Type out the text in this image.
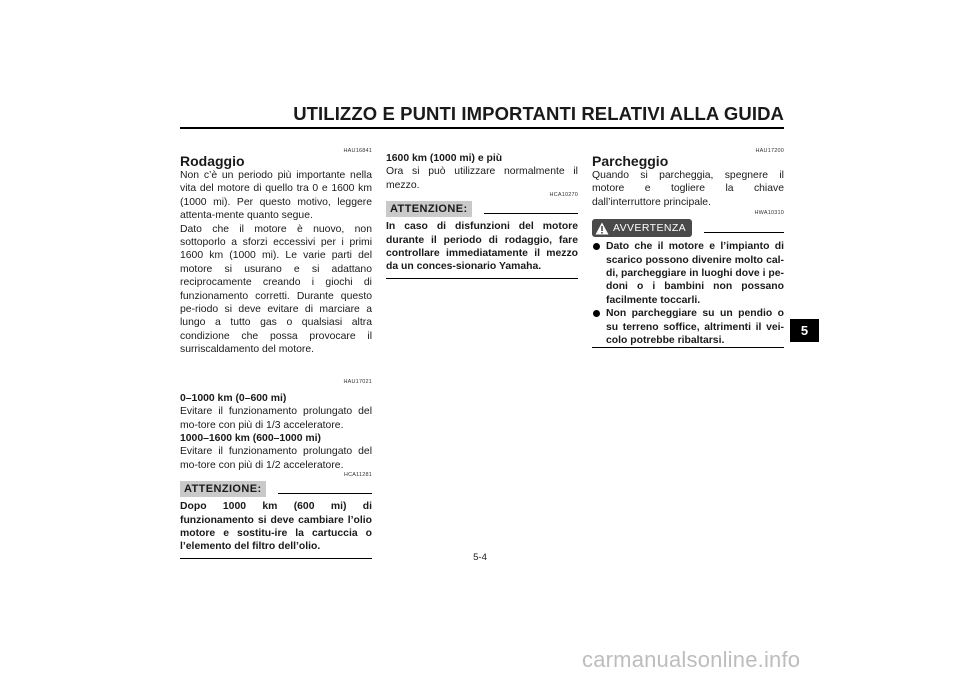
UTILIZZO E PUNTI IMPORTANTI RELATIVI ALLA GUIDA
HAU16841
Rodaggio
Non c’è un periodo più importante nella vita del motore di quello tra 0 e 1600 km (1000 mi). Per questo motivo, leggere attenta-mente quanto segue.
Dato che il motore è nuovo, non sottoporlo a sforzi eccessivi per i primi 1600 km (1000 mi). Le varie parti del motore si usurano e si adattano reciprocamente creando i giochi di funzionamento corretti. Durante questo pe-riodo si deve evitare di marciare a lungo a tutto gas o qualsiasi altra condizione che possa provocare il surriscaldamento del motore.
HAU17021
0–1000 km (0–600 mi)
Evitare il funzionamento prolungato del mo-tore con più di 1/3 acceleratore.
1000–1600 km (600–1000 mi)
Evitare il funzionamento prolungato del mo-tore con più di 1/2 acceleratore.
HCA11281
ATTENZIONE:
Dopo 1000 km (600 mi) di funzionamento si deve cambiare l’olio motore e sostitu-ire la cartuccia o l’elemento del filtro dell’olio.
1600 km (1000 mi) e più
Ora si può utilizzare normalmente il mezzo.
HCA10270
ATTENZIONE:
In caso di disfunzioni del motore durante il periodo di rodaggio, fare controllare immediatamente il mezzo da un conces-sionario Yamaha.
HAU17200
Parcheggio
Quando si parcheggia, spegnere il motore e togliere la chiave dall’interruttore principale.
HWA10310
AVVERTENZA
Dato che il motore e l’impianto di scarico possono divenire molto cal-di, parcheggiare in luoghi dove i pe-doni o i bambini non possano facilmente toccarli.
Non parcheggiare su un pendio o su terreno soffice, altrimenti il vei-colo potrebbe ribaltarsi.
5
5-4
carmanualsonline.info
